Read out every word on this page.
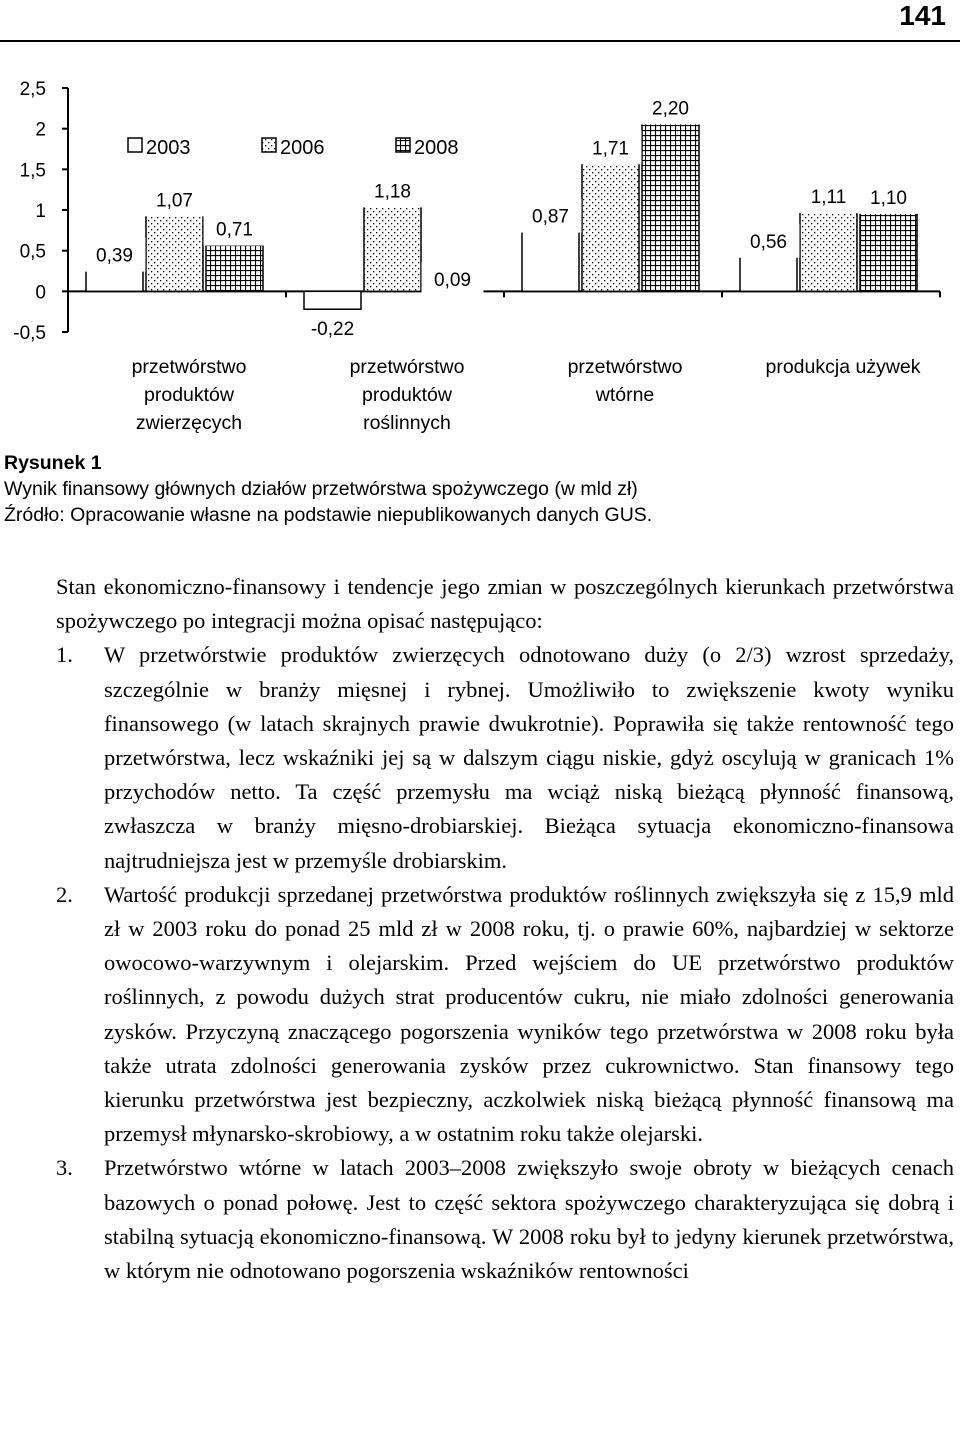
141
2,5
2
1,5
1
0,5
0
-0,5
0,39
1,07
0,71
-0,22
1,18
0,09
0,87
1,71
2,20
0,56
1,11 1,10
przetwórstwo
produktów
zwierzęcych
przetwórstwo
produktów
roślinnych
przetwórstwo
wtórne
produkcja używek
2003	2006	2008
Rysunek 1
Wynik finansowy głównych działów przetwórstwa spożywczego (w mld zł)
Źródło: Opracowanie własne na podstawie niepublikowanych danych GUS.

Stan ekonomiczno-finansowy i tendencje jego zmian w poszczególnych kierunkach przetwórstwa spożywczego po integracji można opisać następująco:

1. W przetwórstwie produktów zwierzęcych odnotowano duży (o 2/3) wzrost sprzedaży, szczególnie w branży mięsnej i rybnej. Umożliwiło to zwiększenie kwoty wyniku finansowego (w latach skrajnych prawie dwukrotnie). Poprawiła się także rentowność tego przetwórstwa, lecz wskaźniki jej są w dalszym ciągu niskie, gdyż oscylują w granicach 1% przychodów netto. Ta część przemysłu ma wciąż niską bieżącą płynność finansową, zwłaszcza w branży mięsno-drobiarskiej. Bieżąca sytuacja ekonomiczno-finansowa najtrudniejsza jest w przemyśle drobiarskim.
2. Wartość produkcji sprzedanej przetwórstwa produktów roślinnych zwiększyła się z 15,9 mld zł w 2003 roku do ponad 25 mld zł w 2008 roku, tj. o prawie 60%, najbardziej w sektorze owocowo-warzywnym i olejarskim. Przed wejściem do UE przetwórstwo produktów roślinnych, z powodu dużych strat producentów cukru, nie miało zdolności generowania zysków. Przyczyną znaczącego pogorszenia wyników tego przetwórstwa w 2008 roku była także utrata zdolności generowania zysków przez cukrownictwo. Stan finansowy tego kierunku przetwórstwa jest bezpieczny, aczkolwiek niską bieżącą płynność finansową ma przemysł młynarsko-skrobiowy, a w ostatnim roku także olejarski.
3. Przetwórstwo wtórne w latach 2003–2008 zwiększyło swoje obroty w bieżących cenach bazowych o ponad połowę. Jest to część sektora spożywczego charakteryzująca się dobrą i stabilną sytuacją ekonomiczno-finansową. W 2008 roku był to jedyny kierunek przetwórstwa, w którym nie odnotowano pogorszenia wskaźników rentowności
